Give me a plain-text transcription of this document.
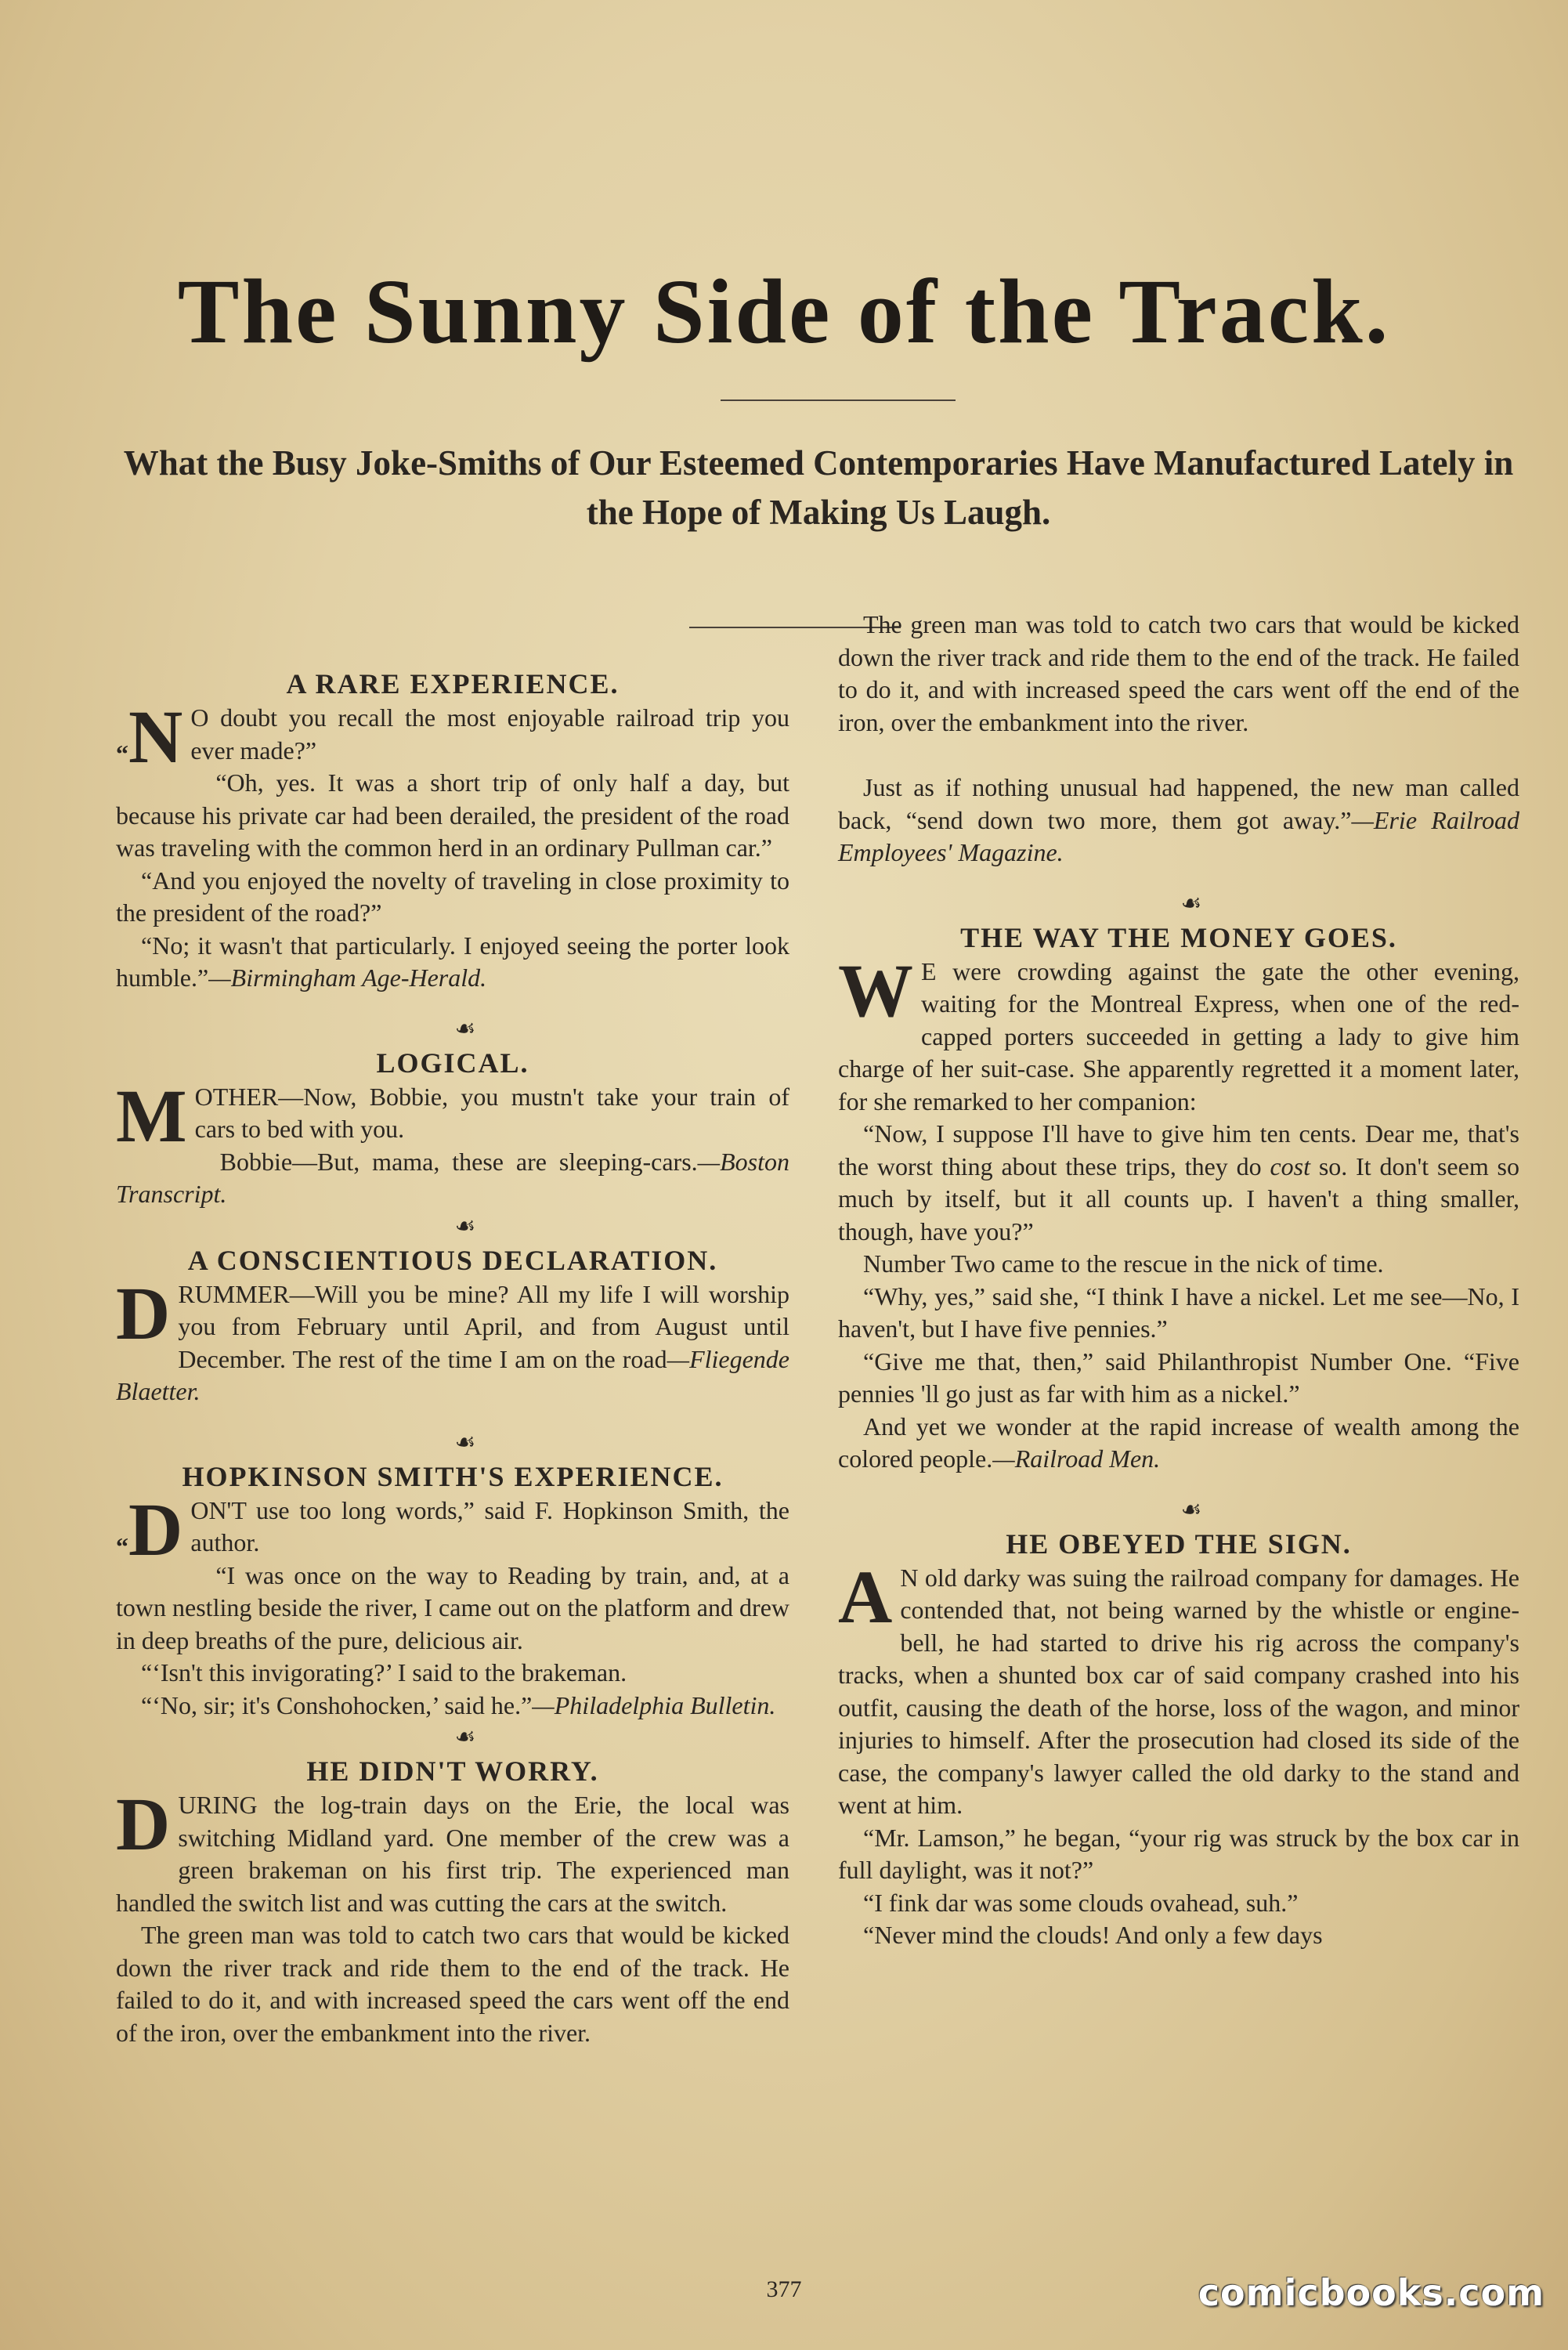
The Sunny Side of the Track.

What the Busy Joke-Smiths of Our Esteemed Contemporaries Have Manufactured Lately in the Hope of Making Us Laugh.

A RARE EXPERIENCE.

“N O doubt you recall the most enjoyable railroad trip you ever made?”

“Oh, yes. It was a short trip of only half a day, but because his private car had been derailed, the president of the road was traveling with the common herd in an ordinary Pullman car.”

“And you enjoyed the novelty of traveling in close proximity to the president of the road?”

“No; it wasn't that particularly. I enjoyed seeing the porter look humble.”—Birmingham Age-Herald.

☙

LOGICAL.

MOTHER—Now, Bobbie, you mustn't take your train of cars to bed with you.

Bobbie—But, mama, these are sleeping-cars.—Boston Transcript.

☙

A CONSCIENTIOUS DECLARATION.

DRUMMER—Will you be mine? All my life I will worship you from February until April, and from August until December. The rest of the time I am on the road—Fliegende Blaetter.

☙

HOPKINSON SMITH'S EXPERIENCE.

“D ON'T use too long words,” said F. Hopkinson Smith, the author.

“I was once on the way to Reading by train, and, at a town nestling beside the river, I came out on the platform and drew in deep breaths of the pure, delicious air.

“‘Isn't this invigorating?’ I said to the brakeman.

“‘No, sir; it's Conshohocken,’ said he.”—Philadelphia Bulletin.

☙

HE DIDN'T WORRY.

DURING the log-train days on the Erie, the local was switching Midland yard. One member of the crew was a green brakeman on his first trip. The experienced man handled the switch list and was cutting the cars at the switch.

The green man was told to catch two cars that would be kicked down the river track and ride them to the end of the track. He failed to do it, and with increased speed the cars went off the end of the iron, over the embankment into the river.

The green man was told to catch two cars that would be kicked down the river track and ride them to the end of the track. He failed to do it, and with increased speed the cars went off the end of the iron, over the embankment into the river.

Just as if nothing unusual had happened, the new man called back, “send down two more, them got away.”—Erie Railroad Employees' Magazine.

☙

THE WAY THE MONEY GOES.

W E were crowding against the gate the other evening, waiting for the Montreal Express, when one of the red-capped porters succeeded in getting a lady to give him charge of her suit-case. She apparently regretted it a moment later, for she remarked to her companion:

“Now, I suppose I'll have to give him ten cents. Dear me, that's the worst thing about these trips, they do cost so. It don't seem so much by itself, but it all counts up. I haven't a thing smaller, though, have you?”

Number Two came to the rescue in the nick of time.

“Why, yes,” said she, “I think I have a nickel. Let me see—No, I haven't, but I have five pennies.”

“Give me that, then,” said Philanthropist Number One. “Five pennies 'll go just as far with him as a nickel.”

And yet we wonder at the rapid increase of wealth among the colored people.—Railroad Men.

☙

HE OBEYED THE SIGN.

A N old darky was suing the railroad company for damages. He contended that, not being warned by the whistle or engine-bell, he had started to drive his rig across the company's tracks, when a shunted box car of said company crashed into his outfit, causing the death of the horse, loss of the wagon, and minor injuries to himself. After the prosecution had closed its side of the case, the company's lawyer called the old darky to the stand and went at him.

“Mr. Lamson,” he began, “your rig was struck by the box car in full daylight, was it not?”

“I fink dar was some clouds ovahead, suh.”

“Never mind the clouds! And only a few days

377	comicbooks.com
